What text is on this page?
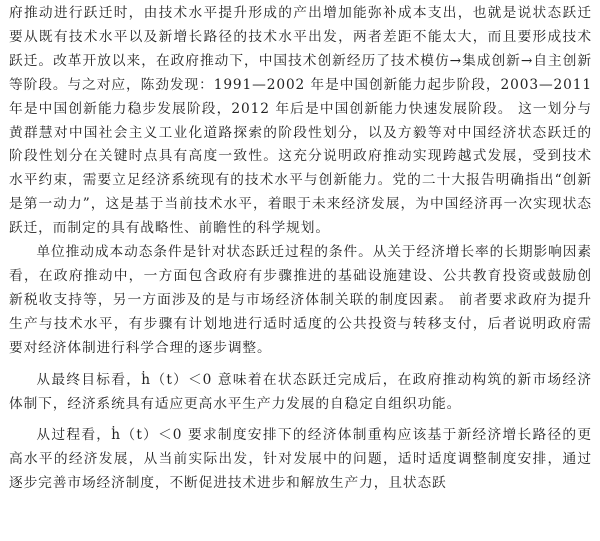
府推动进行跃迁时，由技术水平提升形成的产出增加能弥补成本支出，也就是说状态跃迁要从既有技术水平以及新增长路径的技术水平出发，两者差距不能太大，而且要形成技术跃迁。改革开放以来，在政府推动下，中国技术创新经历了技术模仿→集成创新→自主创新等阶段。与之对应，陈劲发现：1991—2002 年是中国创新能力起步阶段，2003—2011 年是中国创新能力稳步发展阶段，2012 年后是中国创新能力快速发展阶段。 这一划分与黄群慧对中国社会主义工业化道路探索的阶段性划分，以及方毅等对中国经济状态跃迁的阶段性划分在关键时点具有高度一致性。这充分说明政府推动实现跨越式发展，受到技术水平约束，需要立足经济系统现有的技术水平与创新能力。党的二十大报告明确指出“创新是第一动力”，这是基于当前技术水平，着眼于未来经济发展，为中国经济再一次实现状态跃迁，而制定的具有战略性、前瞻性的科学规划。

单位推动成本动态条件是针对状态跃迁过程的条件。从关于经济增长率的长期影响因素看，在政府推动中，一方面包含政府有步骤推进的基础设施建设、公共教育投资或鼓励创新税收支持等，另一方面涉及的是与市场经济体制关联的制度因素。 前者要求政府为提升生产与技术水平，有步骤有计划地进行适时适度的公共投资与转移支付，后者说明政府需要对经济体制进行科学合理的逐步调整。

从最终目标看，ḣ（t）＜0 意味着在状态跃迁完成后，在政府推动构筑的新市场经济体制下，经济系统具有适应更高水平生产力发展的自稳定自组织功能。

从过程看，ḣ（t）＜0 要求制度安排下的经济体制重构应该基于新经济增长路径的更高水平的经济发展，从当前实际出发，针对发展中的问题，适时适度调整制度安排，通过逐步完善市场经济制度，不断促进技术进步和解放生产力，且状态跃
